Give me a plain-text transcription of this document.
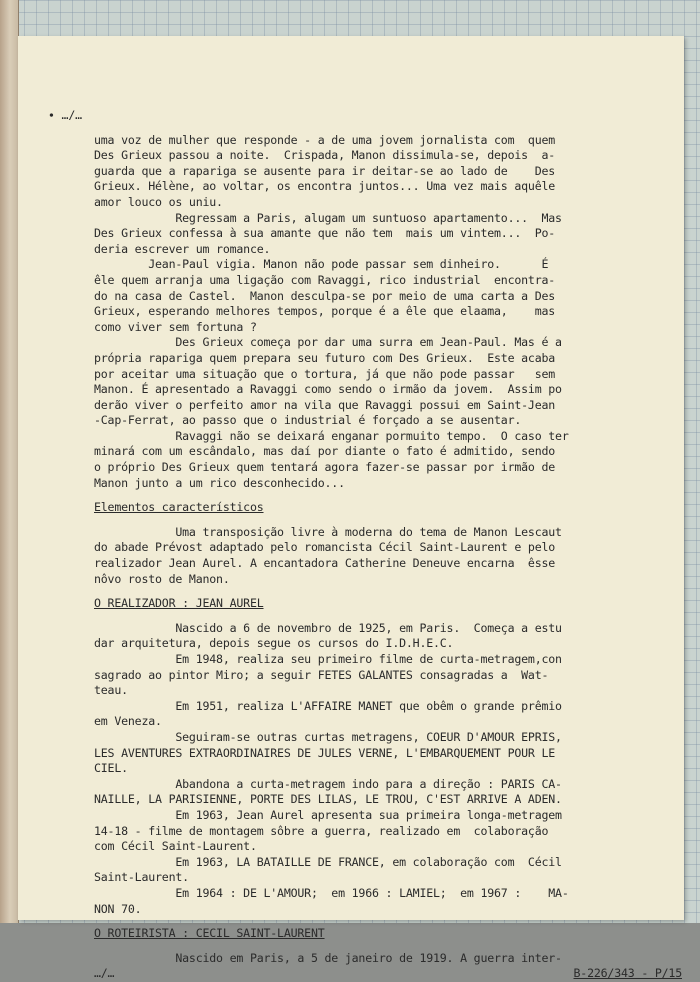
∙ …/…
uma voz de mulher que responde - a de uma jovem jornalista com  quem
Des Grieux passou a noite.  Crispada, Manon dissimula-se, depois  a-
guarda que a rapariga se ausente para ir deitar-se ao lado de    Des
Grieux. Hélène, ao voltar, os encontra juntos... Uma vez mais aquêle
amor louco os uniu.
Regressam a Paris, alugam um suntuoso apartamento...  Mas
Des Grieux confessa à sua amante que não tem  mais um vintem...  Po-
deria escrever um romance.
Jean-Paul vigia. Manon não pode passar sem dinheiro.      É
êle quem arranja uma ligação com Ravaggi, rico industrial  encontra-
do na casa de Castel.  Manon desculpa-se por meio de uma carta a Des
Grieux, esperando melhores tempos, porque é a êle que elaama,    mas
como viver sem fortuna ?
Des Grieux começa por dar uma surra em Jean-Paul. Mas é a
própria rapariga quem prepara seu futuro com Des Grieux.  Este acaba
por aceitar uma situação que o tortura, já que não pode passar   sem
Manon. É apresentado a Ravaggi como sendo o irmão da jovem.  Assim po
derão viver o perfeito amor na vila que Ravaggi possui em Saint-Jean
-Cap-Ferrat, ao passo que o industrial é forçado a se ausentar.
Ravaggi não se deixará enganar pormuito tempo.  O caso ter
minará com um escândalo, mas daí por diante o fato é admitido, sendo
o próprio Des Grieux quem tentará agora fazer-se passar por irmão de
Manon junto a um rico desconhecido...
Elementos característicos
Uma transposição livre à moderna do tema de Manon Lescaut
do abade Prévost adaptado pelo romancista Cécil Saint-Laurent e pelo
realizador Jean Aurel. A encantadora Catherine Deneuve encarna  êsse
nôvo rosto de Manon.
O REALIZADOR : JEAN AUREL
Nascido a 6 de novembro de 1925, em Paris.  Começa a estu
dar arquitetura, depois segue os cursos do I.D.H.E.C.
Em 1948, realiza seu primeiro filme de curta-metragem,con
sagrado ao pintor Miro; a seguir FETES GALANTES consagradas a  Wat-
teau.
Em 1951, realiza L'AFFAIRE MANET que obêm o grande prêmio
em Veneza.
Seguiram-se outras curtas metragens, COEUR D'AMOUR EPRIS,
LES AVENTURES EXTRAORDINAIRES DE JULES VERNE, L'EMBARQUEMENT POUR LE
CIEL.
Abandona a curta-metragem indo para a direção : PARIS CA-
NAILLE, LA PARISIENNE, PORTE DES LILAS, LE TROU, C'EST ARRIVE A ADEN.
Em 1963, Jean Aurel apresenta sua primeira longa-metragem
14-18 - filme de montagem sôbre a guerra, realizado em  colaboração
com Cécil Saint-Laurent.
Em 1963, LA BATAILLE DE FRANCE, em colaboração com  Cécil
Saint-Laurent.
Em 1964 : DE L'AMOUR;  em 1966 : LAMIEL;  em 1967 :    MA-
NON 70.
O ROTEIRISTA : CECIL SAINT-LAURENT
Nascido em Paris, a 5 de janeiro de 1919. A guerra inter-
…/…	B-226/343 - P/15
